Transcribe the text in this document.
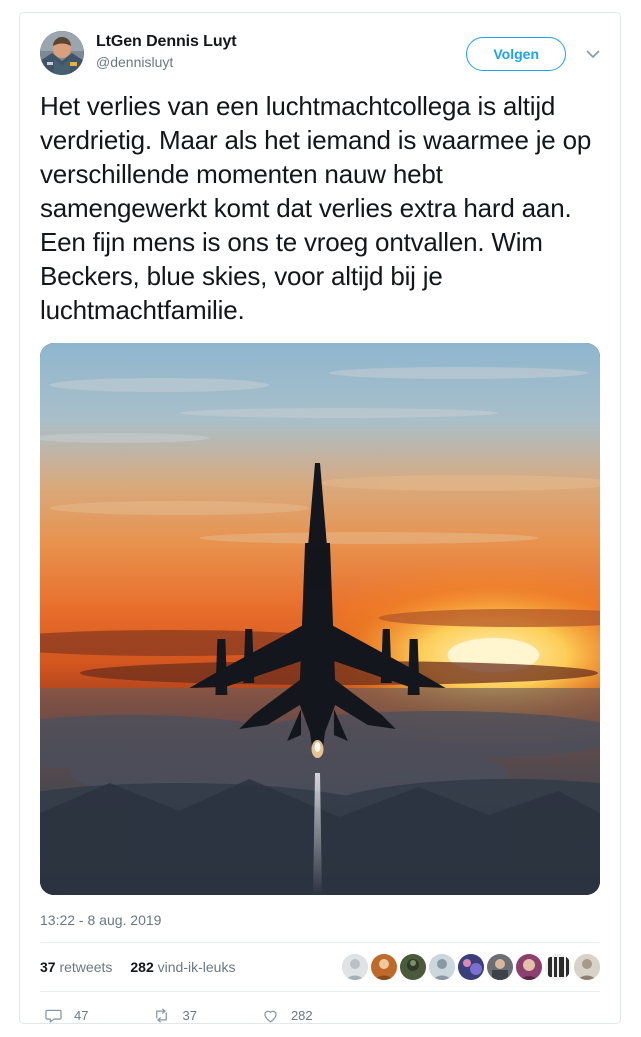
LtGen Dennis Luyt
@dennisluyt	Volgen
Het verlies van een luchtmachtcollega is altijd verdrietig. Maar als het iemand is waarmee je op verschillende momenten nauw hebt samengewerkt komt dat verlies extra hard aan. Een fijn mens is ons te vroeg ontvallen. Wim Beckers, blue skies, voor altijd bij je luchtmachtfamilie.
13:22 - 8 aug. 2019
37 retweets 282 vind-ik-leuks
47	37	282
